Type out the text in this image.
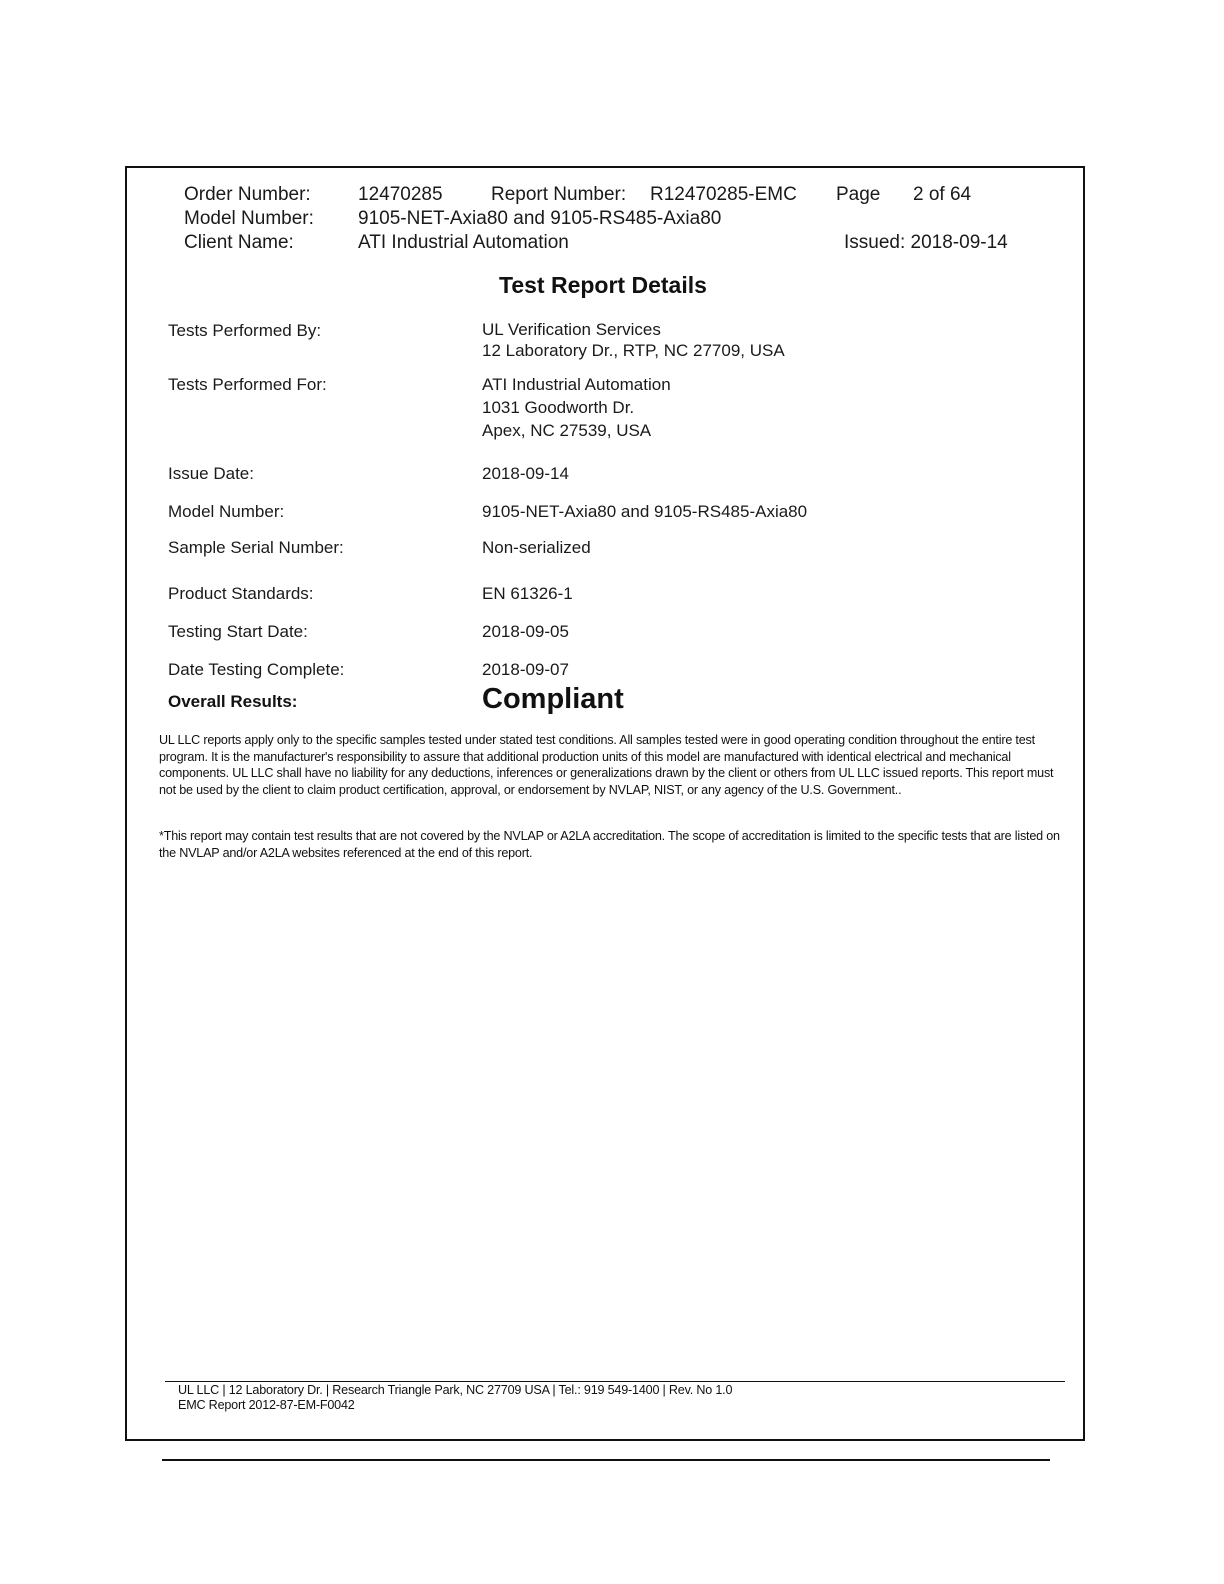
Order Number: 12470285	Report Number: R12470285-EMC Page 2 of 64
Model Number: 9105-NET-Axia80 and 9105-RS485-Axia80
Client Name:	ATI Industrial Automation	Issued: 2018-09-14
Test Report Details
Tests Performed By:	UL Verification Services
12 Laboratory Dr., RTP, NC 27709, USA
Tests Performed For:	ATI Industrial Automation
1031 Goodworth Dr.
Apex, NC 27539, USA
Issue Date:	2018-09-14
Model Number:	9105-NET-Axia80 and 9105-RS485-Axia80
Sample Serial Number:	Non-serialized
Product Standards:	EN 61326-1
Testing Start Date:	2018-09-05
Date Testing Complete:	2018-09-07
Overall Results:	Compliant
UL LLC reports apply only to the specific samples tested under stated test conditions. All samples tested were in good operating condition throughout the entire test program. It is the manufacturer's responsibility to assure that additional production units of this model are manufactured with identical electrical and mechanical components. UL LLC shall have no liability for any deductions, inferences or generalizations drawn by the client or others from UL LLC issued reports. This report must not be used by the client to claim product certification, approval, or endorsement by NVLAP, NIST, or any agency of the U.S. Government..
*This report may contain test results that are not covered by the NVLAP or A2LA accreditation. The scope of accreditation is limited to the specific tests that are listed on the NVLAP and/or A2LA websites referenced at the end of this report.
UL LLC | 12 Laboratory Dr. | Research Triangle Park, NC 27709 USA | Tel.: 919 549-1400 | Rev. No 1.0
EMC Report 2012-87-EM-F0042
